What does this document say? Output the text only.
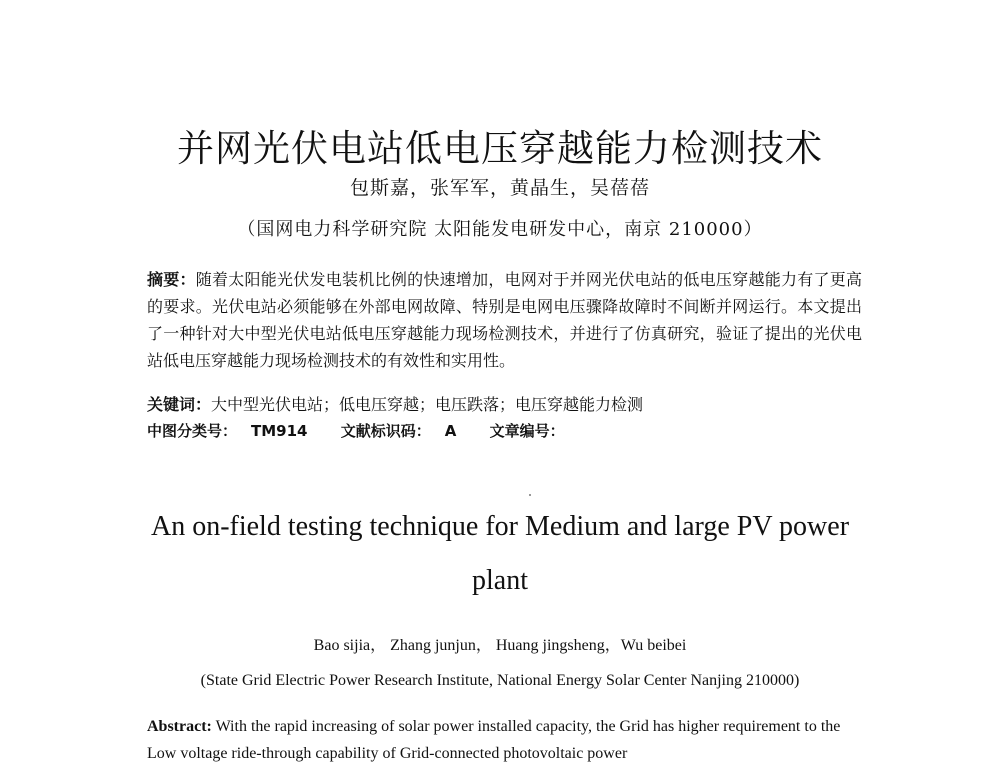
并网光伏电站低电压穿越能力检测技术
包斯嘉，张军军，黄晶生，吴蓓蓓
（国网电力科学研究院 太阳能发电研发中心，南京 210000）
摘要：随着太阳能光伏发电装机比例的快速增加，电网对于并网光伏电站的低电压穿越能力有了更高的要求。光伏电站必须能够在外部电网故障、特别是电网电压骤降故障时不间断并网运行。本文提出了一种针对大中型光伏电站低电压穿越能力现场检测技术，并进行了仿真研究，验证了提出的光伏电站低电压穿越能力现场检测技术的有效性和实用性。
关键词：大中型光伏电站；低电压穿越；电压跌落；电压穿越能力检测
中图分类号： TM914 文献标识码： A 文章编号：
An on-field testing technique for Medium and large PV power plant
Bao sijia， Zhang junjun， Huang jingsheng，Wu beibei
(State Grid Electric Power Research Institute, National Energy Solar Center Nanjing 210000)
Abstract: With the rapid increasing of solar power installed capacity, the Grid has higher requirement to the Low voltage ride-through capability of Grid-connected photovoltaic power
